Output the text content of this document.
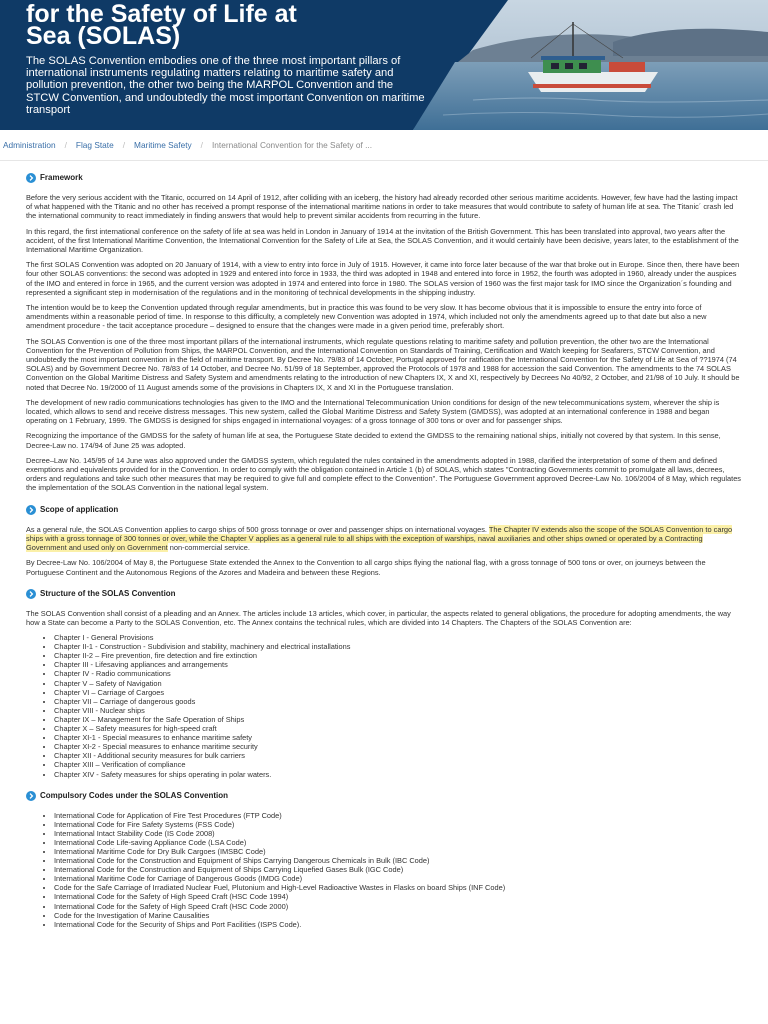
for the Safety of Life at
Sea (SOLAS)

The SOLAS Convention embodies one of the three most important pillars of international instruments regulating matters relating to maritime safety and pollution prevention, the other two being the MARPOL Convention and the STCW Convention, and undoubtedly the most important Convention on maritime transport

Administration / Flag State / Maritime Safety / International Convention for the Safety of ...
Framework

Before the very serious accident with the Titanic, occurred on 14 April of 1912, after colliding with an iceberg, the history had already recorded other serious maritime accidents. However, few have had the lasting impact of what happened with the Titanic and no other has received a prompt response of the international maritime nations in order to take measures that would contribute to safety of human life at sea. The Titanic´ crash led the international community to react immediately in finding answers that would help to prevent similar accidents from recurring in the future.

In this regard, the first international conference on the safety of life at sea was held in London in January of 1914 at the invitation of the British Government. This has been translated into approval, two years after the accident, of the first International Maritime Convention, the International Convention for the Safety of Life at Sea, the SOLAS Convention, and it would certainly have been decisive, years later, to the establishment of the International Maritime Organization.

The first SOLAS Convention was adopted on 20 January of 1914, with a view to entry into force in July of 1915. However, it came into force later because of the war that broke out in Europe. Since then, there have been four other SOLAS conventions: the second was adopted in 1929 and entered into force in 1933, the third was adopted in 1948 and entered into force in 1952, the fourth was adopted in 1960, already under the auspices of the IMO and entered in force in 1965, and the current version was adopted in 1974 and entered into force in 1980. The SOLAS version of 1960 was the first major task for IMO since the Organization´s founding and represented a significant step in modernisation of the regulations and in the monitoring of technical developments in the shipping industry.

The intention would be to keep the Convention updated through regular amendments, but in practice this was found to be very slow. It has become obvious that it is impossible to ensure the entry into force of amendments within a reasonable period of time. In response to this difficulty, a completely new Convention was adopted in 1974, which included not only the amendments agreed up to that date but also a new amendment procedure - the tacit acceptance procedure – designed to ensure that the changes were made in a given period time, preferably short.

The SOLAS Convention is one of the three most important pillars of the international instruments, which regulate questions relating to maritime safety and pollution prevention, the other two are the International Convention for the Prevention of Pollution from Ships, the MARPOL Convention, and the International Convention on Standards of Training, Certification and Watch keeping for Seafarers, STCW Convention, and undoubtedly the most important convention in the field of maritime transport. By Decree No. 79/83 of 14 October, Portugal approved for ratification the International Convention for the Safety of Life at Sea of ??1974 (74 SOLAS) and by Government Decree No. 78/83 of 14 October, and Decree No. 51/99 of 18 September, approved the Protocols of 1978 and 1988 for accession the said Convention. The amendments to the 74 SOLAS Convention on the Global Maritime Distress and Safety System and amendments relating to the introduction of new Chapters IX, X and XI, respectively by Decrees No 40/92, 2 October, and 21/98 of 10 July. It should be noted that Decree No. 19/2000 of 11 August amends some of the provisions in Chapters IX, X and XI in the Portuguese translation.

The development of new radio communications technologies has given to the IMO and the International Telecommunication Union conditions for design of the new telecommunications system, wherever the ship is located, which allows to send and receive distress messages. This new system, called the Global Maritime Distress and Safety System (GMDSS), was adopted at an international conference in 1988 and began operating on 1 February, 1999. The GMDSS is designed for ships engaged in international voyages: of a gross tonnage of 300 tons or over and for passenger ships.

Recognizing the importance of the GMDSS for the safety of human life at sea, the Portuguese State decided to extend the GMDSS to the remaining national ships, initially not covered by that system. In this sense, Decree-Law no. 174/94 of June 25 was adopted.

Decree–Law No. 145/95 of 14 June was also approved under the GMDSS system, which regulated the rules contained in the amendments adopted in 1988, clarified the interpretation of some of them and defined exemptions and equivalents provided for in the Convention. In order to comply with the obligation contained in Article 1 (b) of SOLAS, which states "Contracting Governments commit to promulgate all laws, decrees, orders and regulations and take such other measures that may be required to give full and complete effect to the Convention". The Portuguese Government approved Decree-Law No. 106/2004 of 8 May, which regulates the implementation of the SOLAS Convention in the national legal system.

Scope of application

As a general rule, the SOLAS Convention applies to cargo ships of 500 gross tonnage or over and passenger ships on international voyages. The Chapter IV extends also the scope of the SOLAS Convention to cargo ships with a gross tonnage of 300 tonnes or over, while the Chapter V applies as a general rule to all ships with the exception of warships, naval auxiliaries and other ships owned or operated by a Contracting Government and used only on Government non-commercial service.

By Decree-Law No. 106/2004 of May 8, the Portuguese State extended the Annex to the Convention to all cargo ships flying the national flag, with a gross tonnage of 500 tons or over, on journeys between the Portuguese Continent and the Autonomous Regions of the Azores and Madeira and between these Regions.

Structure of the SOLAS Convention

The SOLAS Convention shall consist of a pleading and an Annex. The articles include 13 articles, which cover, in particular, the aspects related to general obligations, the procedure for adopting amendments, the way how a State can become a Party to the SOLAS Convention, etc. The Annex contains the technical rules, which are divided into 14 Chapters. The Chapters of the SOLAS Convention are:

• Chapter I - General Provisions
• Chapter II-1 - Construction - Subdivision and stability, machinery and electrical installations
• Chapter II-2 – Fire prevention, fire detection and fire extinction
• Chapter III - Lifesaving appliances and arrangements
• Chapter IV - Radio communications
• Chapter V – Safety of Navigation
• Chapter VI – Carriage of Cargoes
• Chapter VII – Carriage of dangerous goods
• Chapter VIII - Nuclear ships
• Chapter IX – Management for the Safe Operation of Ships
• Chapter X – Safety measures for high-speed craft
• Chapter XI-1 - Special measures to enhance maritime safety
• Chapter XI-2 - Special measures to enhance maritime security
• Chapter XII - Additional security measures for bulk carriers
• Chapter XIII – Verification of compliance
• Chapter XIV - Safety measures for ships operating in polar waters.
Compulsory Codes under the SOLAS Convention
• International Code for Application of Fire Test Procedures (FTP Code)
• International Code for Fire Safety Systems (FSS Code)
• International Intact Stability Code (IS Code 2008)
• International Code Life-saving Appliance Code (LSA Code)
• International Maritime Code for Dry Bulk Cargoes (IMSBC Code)
• International Code for the Construction and Equipment of Ships Carrying Dangerous Chemicals in Bulk (IBC Code)
• International Code for the Construction and Equipment of Ships Carrying Liquefied Gases Bulk (IGC Code)
• International Maritime Code for Carriage of Dangerous Goods (IMDG Code)
• Code for the Safe Carriage of Irradiated Nuclear Fuel, Plutonium and High-Level Radioactive Wastes in Flasks on board Ships (INF Code)
• International Code for the Safety of High Speed Craft (HSC Code 1994)
• International Code for the Safety of High Speed Craft (HSC Code 2000)
• Code for the Investigation of Marine Causalities
• International Code for the Security of Ships and Port Facilities (ISPS Code).
